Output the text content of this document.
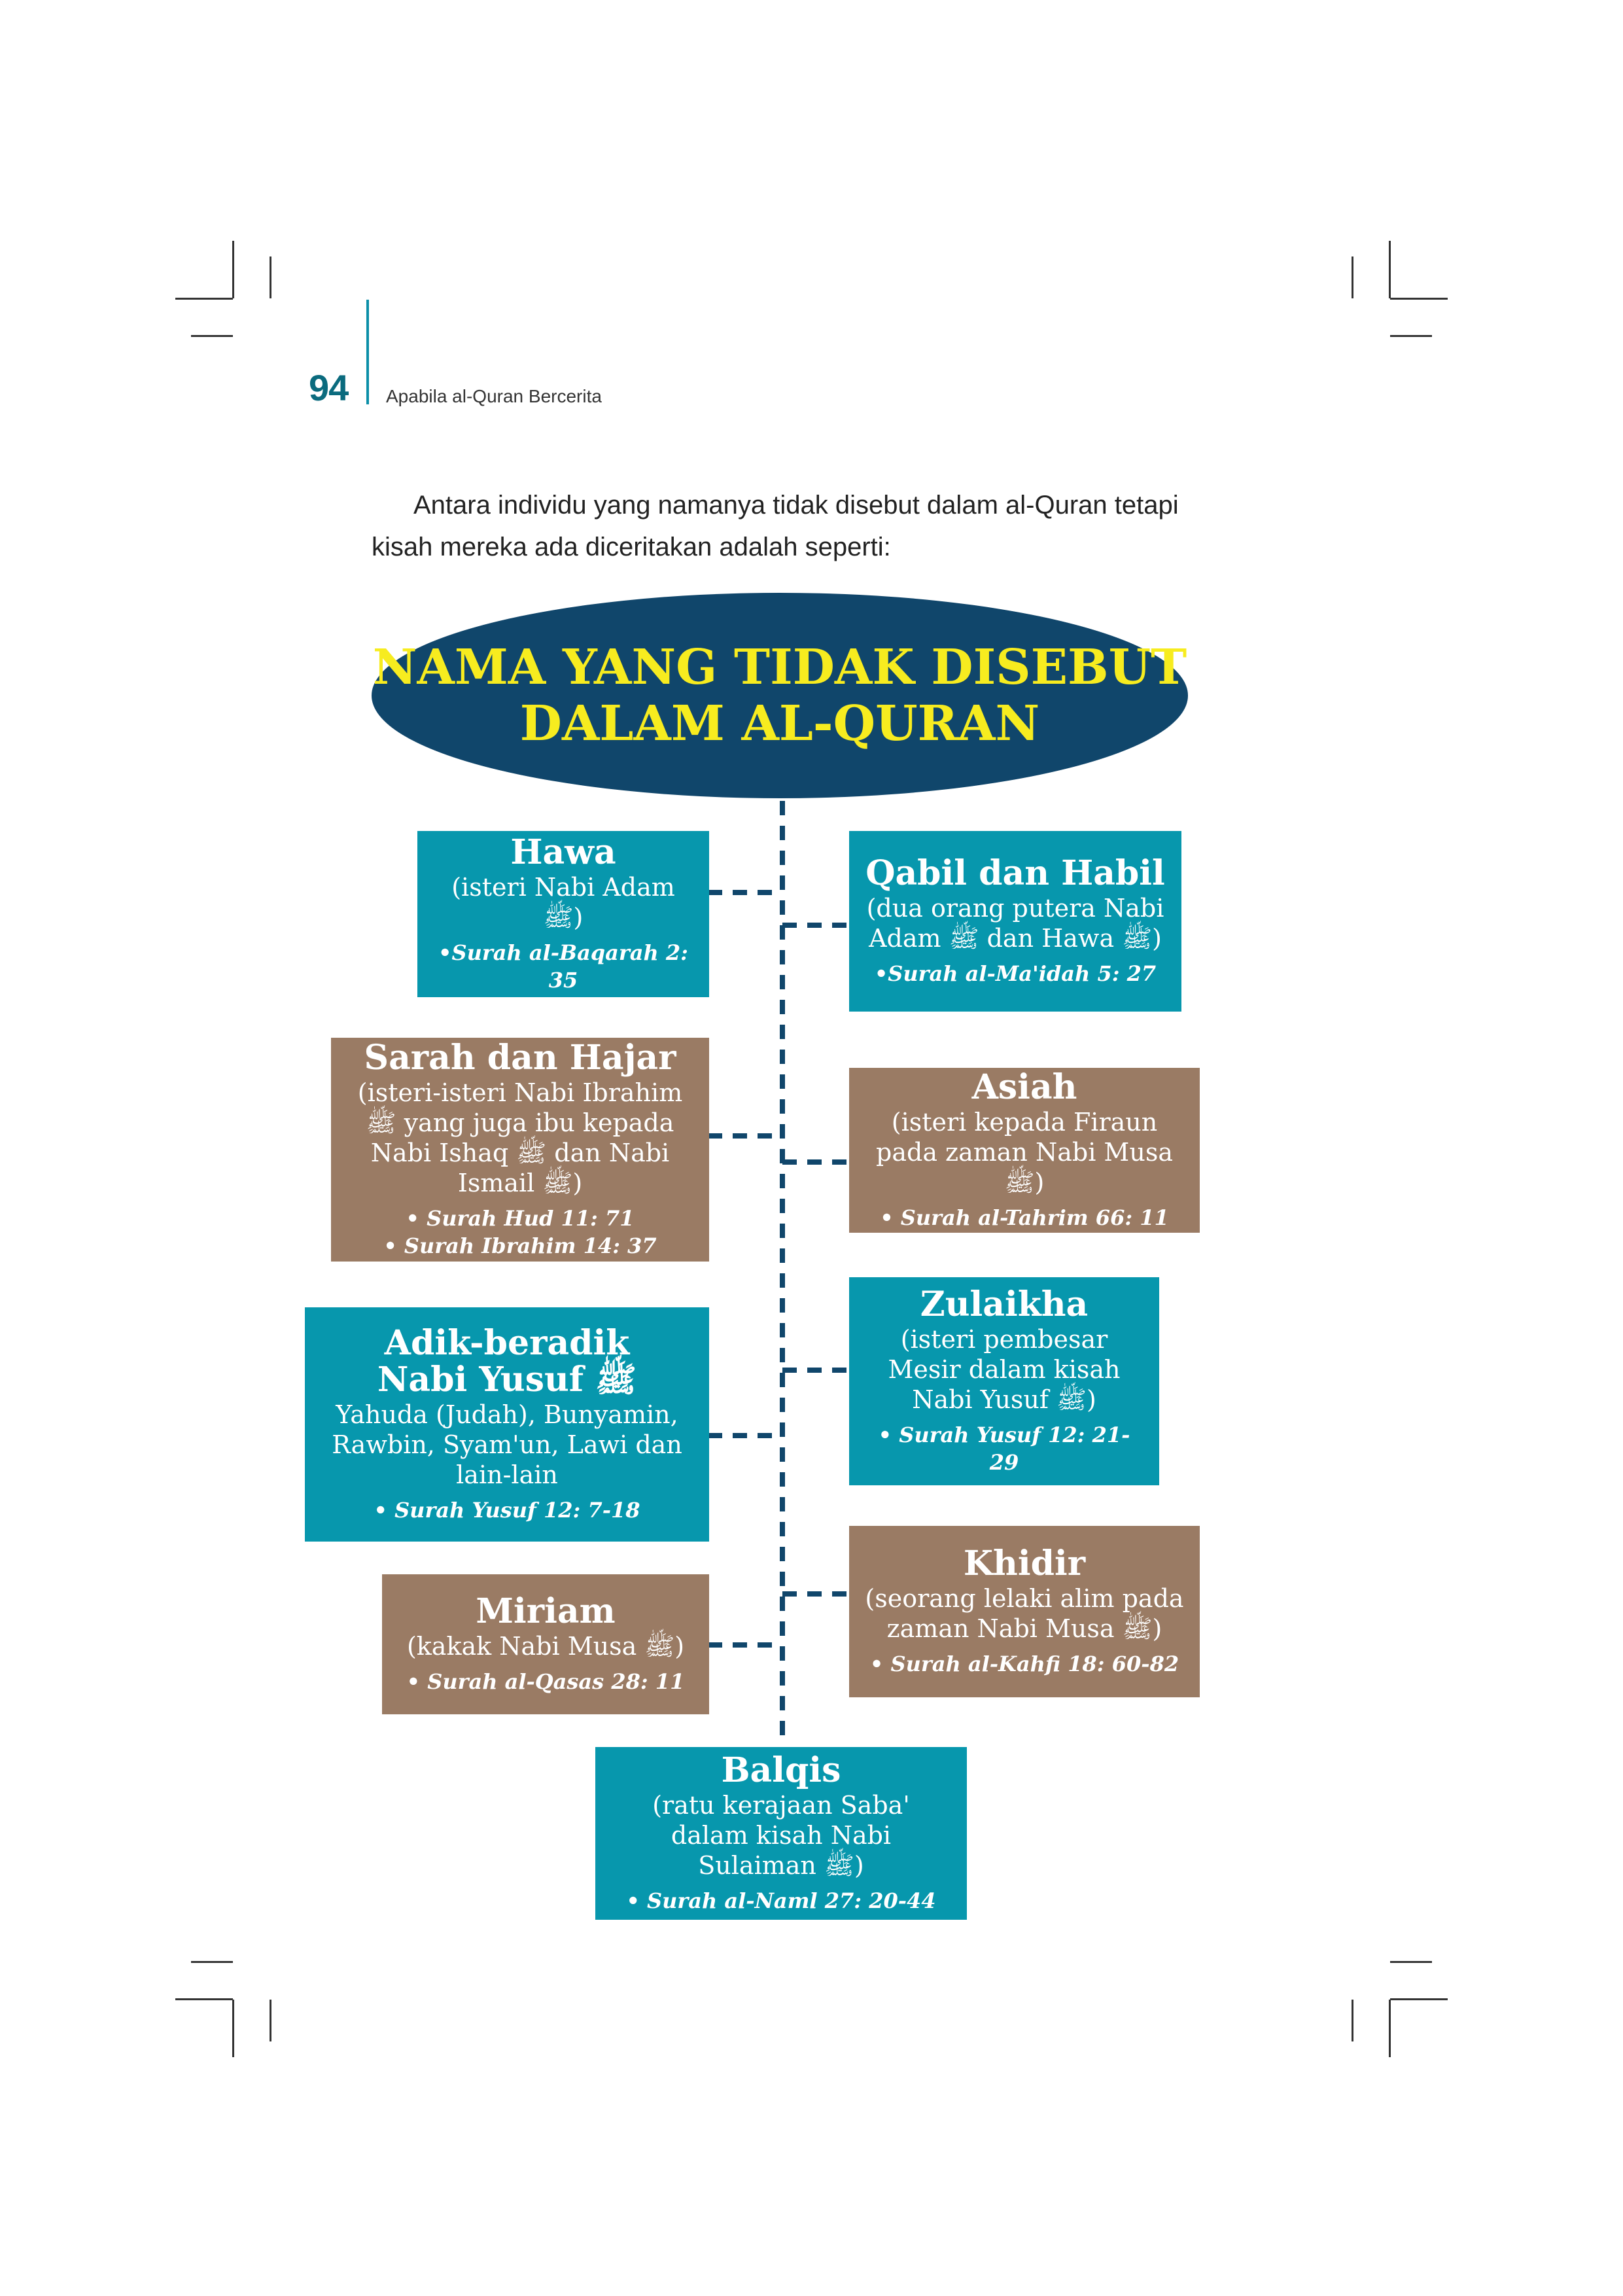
94 Apabila al-Quran Bercerita

Antara individu yang namanya tidak disebut dalam al-Quran tetapi kisah mereka ada diceritakan adalah seperti:

NAMA YANG TIDAK DISEBUT
DALAM AL-QURAN
Hawa
(isteri Nabi Adam ﷺ)
•Surah al-Baqarah 2: 35
Qabil dan Habil
(dua orang putera Nabi Adam ﷺ dan Hawa ﷺ)
•Surah al-Ma'idah 5: 27
Sarah dan Hajar
(isteri-isteri Nabi Ibrahim ﷺ yang juga ibu kepada Nabi Ishaq ﷺ dan Nabi Ismail ﷺ)
• Surah Hud 11: 71
• Surah Ibrahim 14: 37
Asiah
(isteri kepada Firaun pada zaman Nabi Musa ﷺ)
• Surah al-Tahrim 66: 11
Adik-beradik Nabi Yusuf ﷺ
Yahuda (Judah), Bunyamin, Rawbin, Syam'un, Lawi dan lain-lain
• Surah Yusuf 12: 7-18
Zulaikha
(isteri pembesar Mesir dalam kisah Nabi Yusuf ﷺ)
• Surah Yusuf 12: 21-29
Miriam
(kakak Nabi Musa ﷺ)
• Surah al-Qasas 28: 11
Khidir
(seorang lelaki alim pada zaman Nabi Musa ﷺ)
• Surah al-Kahfi 18: 60-82
Balqis
(ratu kerajaan Saba' dalam kisah Nabi Sulaiman ﷺ)
• Surah al-Naml 27: 20-44
